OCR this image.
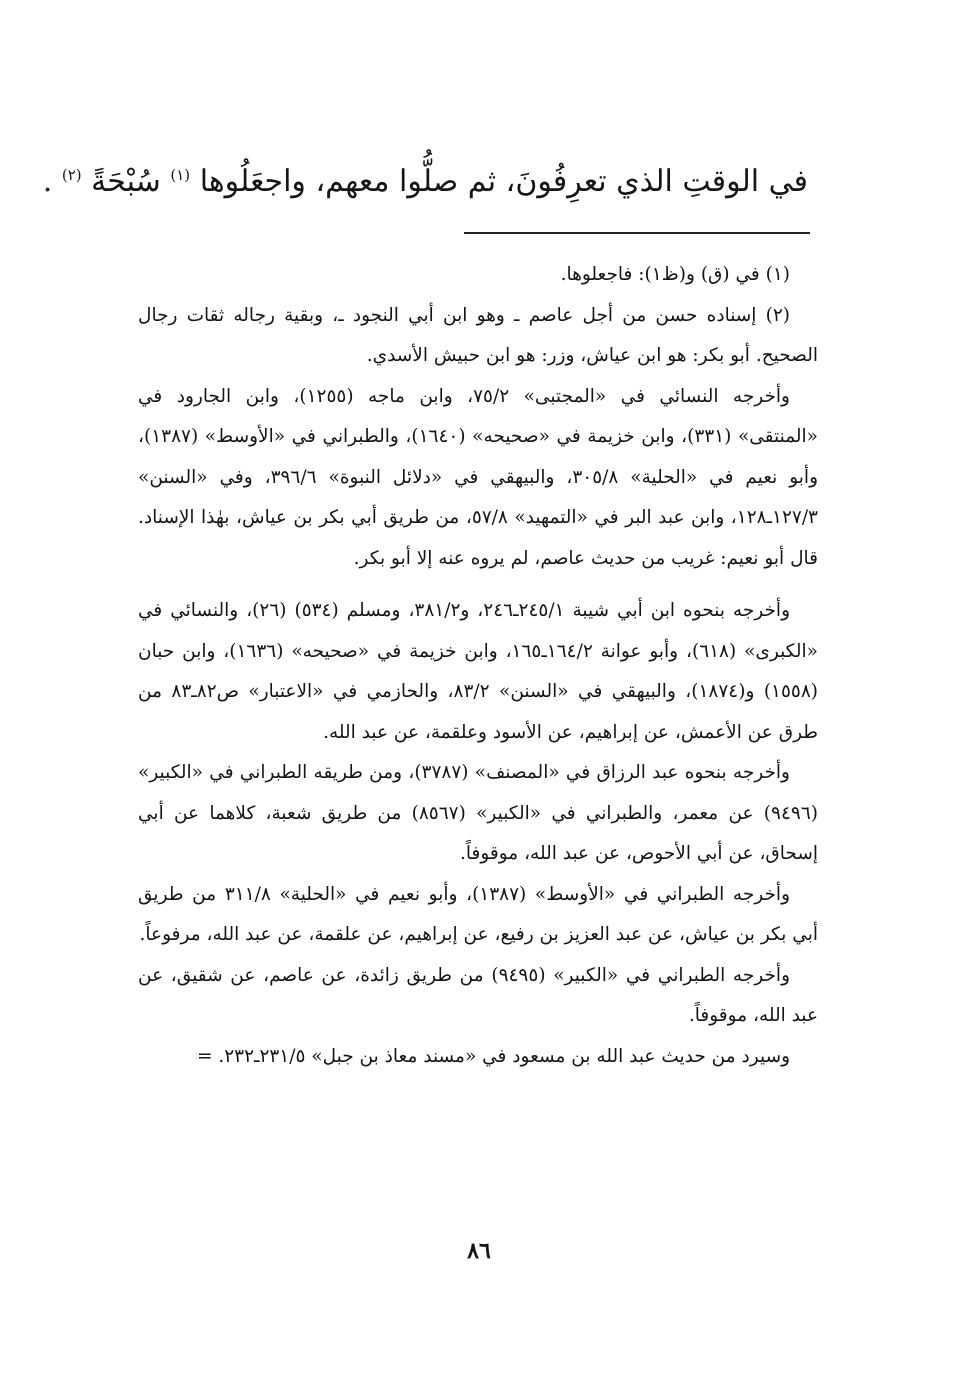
في الوقتِ الذي تعرِفُونَ، ثم صلُّوا معهم، واجعَلُوها $^{(١)}$ سُبْحَةً $^{(٢)}$ .

(١) في (ق) و(ظ١): فاجعلوها.

(٢) إسناده حسن من أجل عاصم ـ وهو ابن أبي النجود ـ، وبقية رجاله ثقات رجال الصحيح. أبو بكر: هو ابن عياش، وزر: هو ابن حبيش الأسدي.

وأخرجه النسائي في «المجتبى» ٧٥/٢، وابن ماجه (١٢٥٥)، وابن الجارود في «المنتقى» (٣٣١)، وابن خزيمة في «صحيحه» (١٦٤٠)، والطبراني في «الأوسط» (١٣٨٧)، وأبو نعيم في «الحلية» ٣٠٥/٨، والبيهقي في «دلائل النبوة» ٣٩٦/٦، وفي «السنن» ١٢٧/٣ـ١٢٨، وابن عبد البر في «التمهيد» ٥٧/٨، من طريق أبي بكر بن عياش، بهٰذا الإسناد. قال أبو نعيم: غريب من حديث عاصم، لم يروه عنه إلا أبو بكر.

وأخرجه بنحوه ابن أبي شيبة ٢٤٥/١ـ٢٤٦، و٣٨١/٢، ومسلم (٥٣٤) (٢٦)، والنسائي في «الكبرى» (٦١٨)، وأبو عوانة ١٦٤/٢ـ١٦٥، وابن خزيمة في «صحيحه» (١٦٣٦)، وابن حبان (١٥٥٨) و(١٨٧٤)، والبيهقي في «السنن» ٨٣/٢، والحازمي في «الاعتبار» ص٨٢ـ٨٣ من طرق عن الأعمش، عن إبراهيم، عن الأسود وعلقمة، عن عبد الله.

وأخرجه بنحوه عبد الرزاق في «المصنف» (٣٧٨٧)، ومن طريقه الطبراني في «الكبير» (٩٤٩٦) عن معمر، والطبراني في «الكبير» (٨٥٦٧) من طريق شعبة، كلاهما عن أبي إسحاق، عن أبي الأحوص، عن عبد الله، موقوفاً.

وأخرجه الطبراني في «الأوسط» (١٣٨٧)، وأبو نعيم في «الحلية» ٣١١/٨ من طريق أبي بكر بن عياش، عن عبد العزيز بن رفيع، عن إبراهيم، عن علقمة، عن عبد الله، مرفوعاً.

وأخرجه الطبراني في «الكبير» (٩٤٩٥) من طريق زائدة، عن عاصم، عن شقيق، عن عبد الله، موقوفاً.

وسيرد من حديث عبد الله بن مسعود في «مسند معاذ بن جبل» ٢٣١/٥ـ٢٣٢. =

٨٦
